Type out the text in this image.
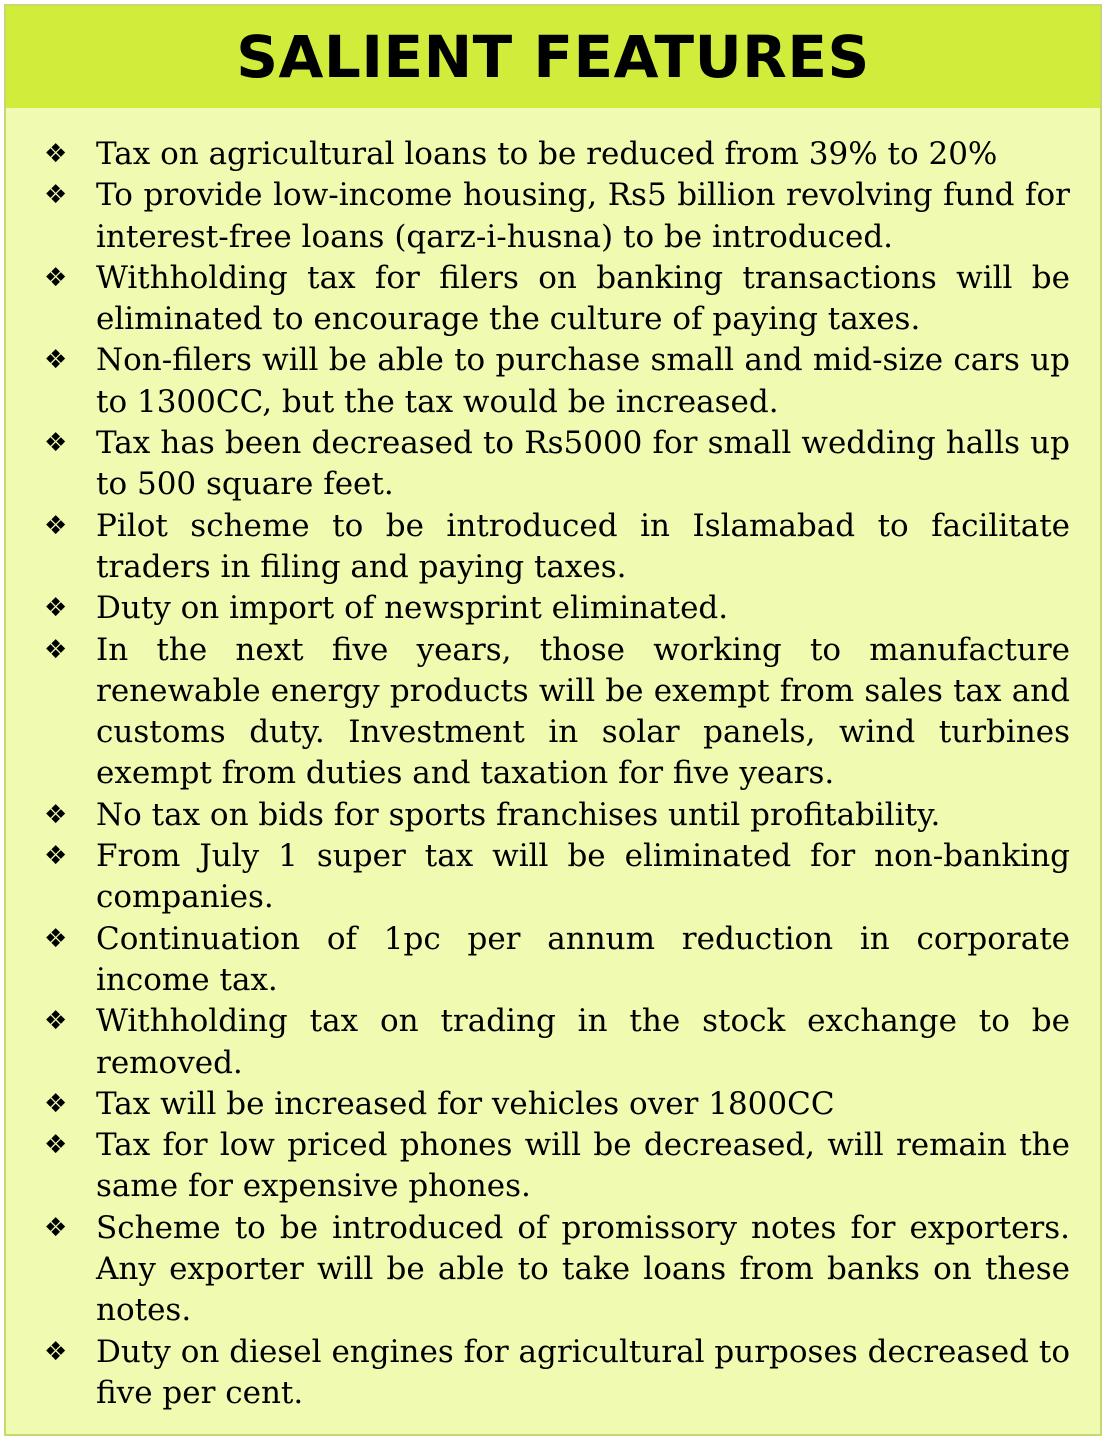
SALIENT FEATURES
❖ Tax on agricultural loans to be reduced from 39% to 20%
❖ To provide low-income housing, Rs5 billion revolving fund for interest-free loans (qarz-i-husna) to be introduced.
❖ Withholding tax for filers on banking transactions will be eliminated to encourage the culture of paying taxes.
❖ Non-filers will be able to purchase small and mid-size cars up to 1300CC, but the tax would be increased.
❖ Tax has been decreased to Rs5000 for small wedding halls up to 500 square feet.
❖ Pilot scheme to be introduced in Islamabad to facilitate traders in filing and paying taxes.
❖ Duty on import of newsprint eliminated.
❖ In the next five years, those working to manufacture renewable energy products will be exempt from sales tax and customs duty. Investment in solar panels, wind turbines exempt from duties and taxation for five years.
❖ No tax on bids for sports franchises until profitability.
❖ From July 1 super tax will be eliminated for non-banking companies.
❖ Continuation of 1pc per annum reduction in corporate income tax.
❖ Withholding tax on trading in the stock exchange to be removed.
❖ Tax will be increased for vehicles over 1800CC
❖ Tax for low priced phones will be decreased, will remain the same for expensive phones.
❖ Scheme to be introduced of promissory notes for exporters. Any exporter will be able to take loans from banks on these notes.
❖ Duty on diesel engines for agricultural purposes decreased to five per cent.
